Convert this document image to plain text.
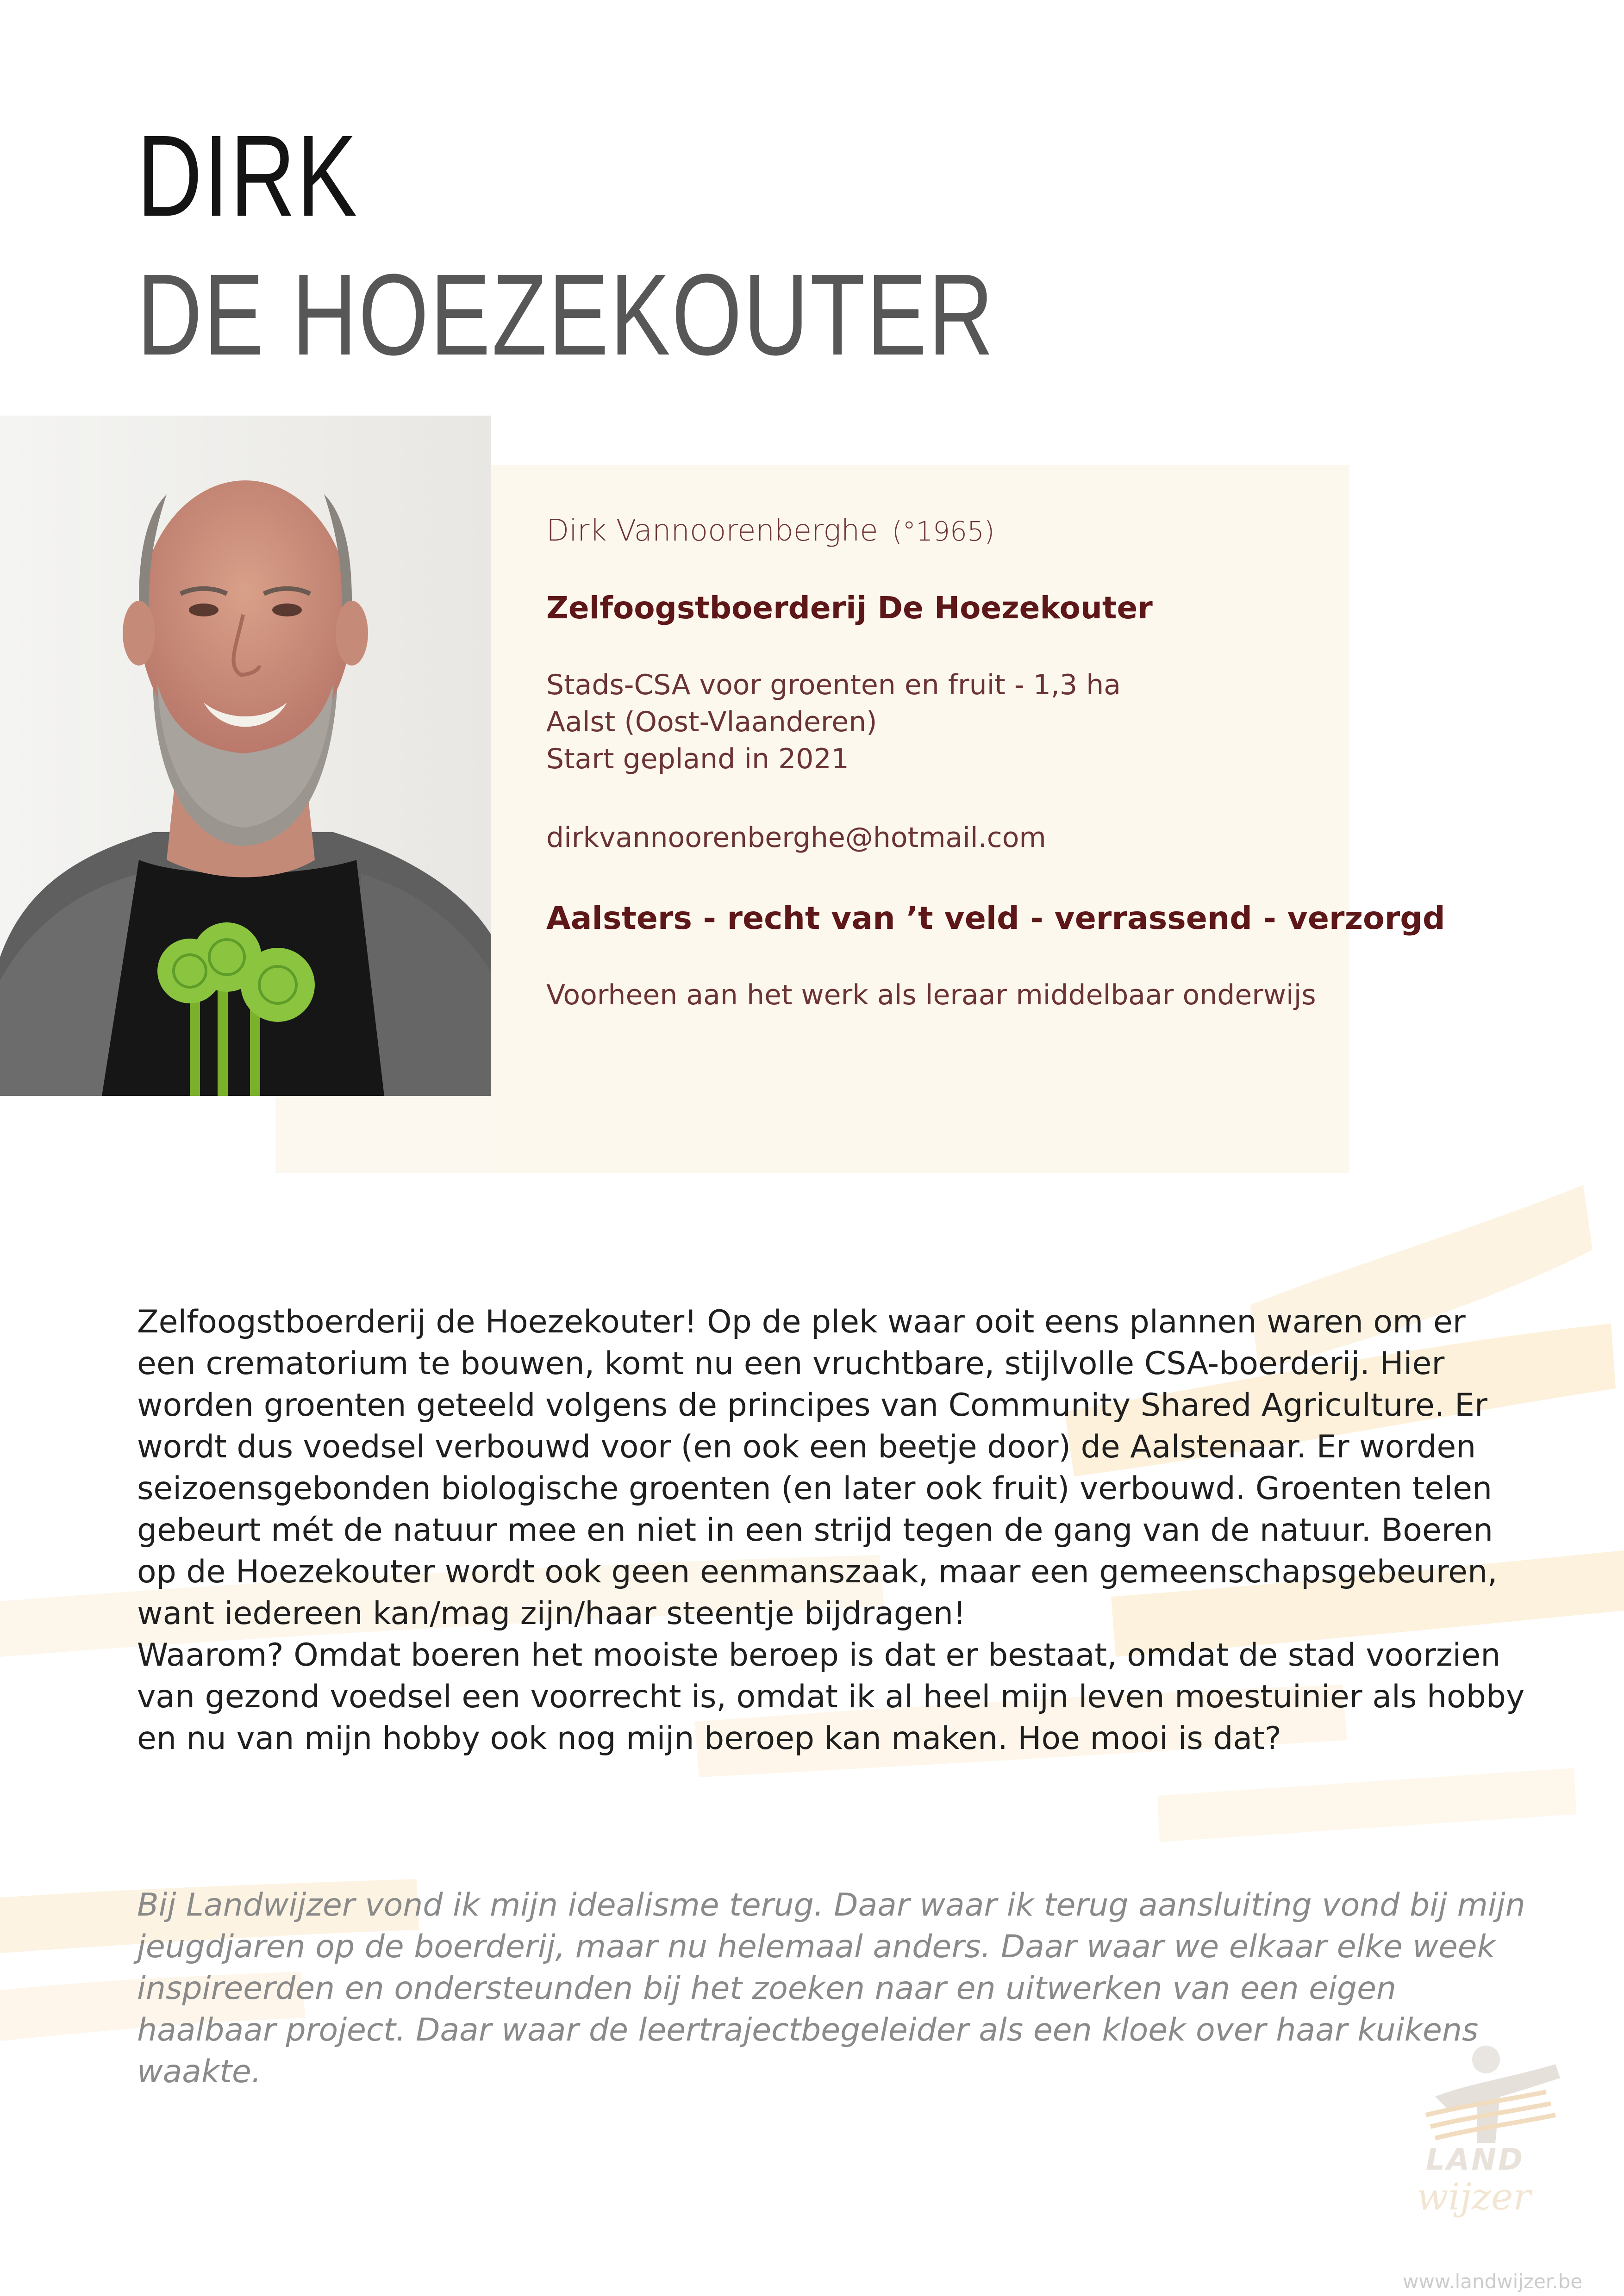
DIRK
DE HOEZEKOUTER
Dirk Vannoorenberghe (°1965)
Zelfoogstboerderij De Hoezekouter
Stads-CSA voor groenten en fruit - 1,3 ha
Aalst (Oost-Vlaanderen)
Start gepland in 2021
dirkvannoorenberghe@hotmail.com
Aalsters - recht van ’t veld - verrassend - verzorgd
Voorheen aan het werk als leraar middelbaar onderwijs

Zelfoogstboerderij de Hoezekouter! Op de plek waar ooit eens plannen waren om er een crematorium te bouwen, komt nu een vruchtbare, stijlvolle CSA-boerderij. Hier worden groenten geteeld volgens de principes van Community Shared Agriculture. Er wordt dus voedsel verbouwd voor (en ook een beetje door) de Aalstenaar. Er worden seizoensgebonden biologische groenten (en later ook fruit) verbouwd. Groenten telen gebeurt mét de natuur mee en niet in een strijd tegen de gang van de natuur. Boeren op de Hoezekouter wordt ook geen eenmanszaak, maar een gemeenschapsgebeuren, want iedereen kan/mag zijn/haar steentje bijdragen!

Waarom? Omdat boeren het mooiste beroep is dat er bestaat, omdat de stad voorzien van gezond voedsel een voorrecht is, omdat ik al heel mijn leven moestuinier als hobby en nu van mijn hobby ook nog mijn beroep kan maken. Hoe mooi is dat?

Bij Landwijzer vond ik mijn idealisme terug. Daar waar ik terug aansluiting vond bij mijn jeugdjaren op de boerderij, maar nu helemaal anders. Daar waar we elkaar elke week inspireerden en ondersteunden bij het zoeken naar en uitwerken van een eigen haalbaar project. Daar waar de leertrajectbegeleider als een kloek over haar kuikens waakte.
LAND
wijzer
www.landwijzer.be
